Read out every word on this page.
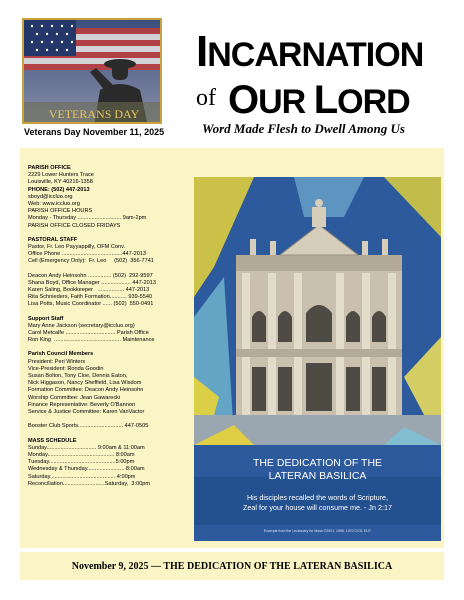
VETERANS DAY
Veterans Day November 11, 2025
INCARNATION
of OUR LORD
Word Made Flesh to Dwell Among Us
PARISH OFFICE
2229 Lower Hunters Trace
Louisville, KY 40216-1358
PHONE: (502) 447-2013
sboyd@iccluo.org
Web: www.iccluo.org
PARISH OFFICE HOURS
Monday - Thursday ............................ 9am-2pm
PARISH OFFICE CLOSED FRIDAYS
PASTORAL STAFF
Pastor, Fr. Leo Payyappilly, OFM Conv.
Office Phone .......................................447-2013
Cell (Emergency Only):  Fr. Leo     (502)  356-7741
Deacon Andy Heinsohn ............... (502)  292-9597
Shana Boyd, Office Manager ................... 447-2013
Karen Saling, Bookkeeper   ................. 447-2013
Rita Schnieders, Faith Formation........... 939-5540
Lisa Potts, Music Coordinator ...... (502)  550-0491
Support Staff
Mary Anne Jackson (secretary@iccluo.org)
Carol Metcalfe ................................ Parish Office
Ron King  ........................................... Maintenance
Parish Council Members
President: Peri Winters
Vice-President: Ronda Goodin
Susan Bolton, Tony Cloe, Dennis Eaton,
Nick Higgason, Nancy Sheffield, Lisa Wisdom
Formation Committee: Deacon Andy Heinsohn
Worship Committee: Jean Gawarecki
Finance Representative: Beverly O'Bannon
Service & Justice Committee: Karen VanVactor
Booster Club Sports............................. 447-0505
MASS SCHEDULE
Sunday................................ 9:00am & 11:00am
Monday........................................... 8:00am
Tuesday...........................................5:00pm
Wednesday & Thursday........................ 8:00am
Saturday.......................................... 4:00pm
Reconciliation...........................Saturday,  3:00pm
THE DEDICATION OF THE
LATERAN BASILICA
His disciples recalled the words of Scripture,
Zeal for your house will consume me. - Jn 2:17
Excerpts from the Lectionary for Mass ©2001, 1998, 1970 CCD. ELP.
November 9, 2025 — THE DEDICATION OF THE LATERAN BASILICA
